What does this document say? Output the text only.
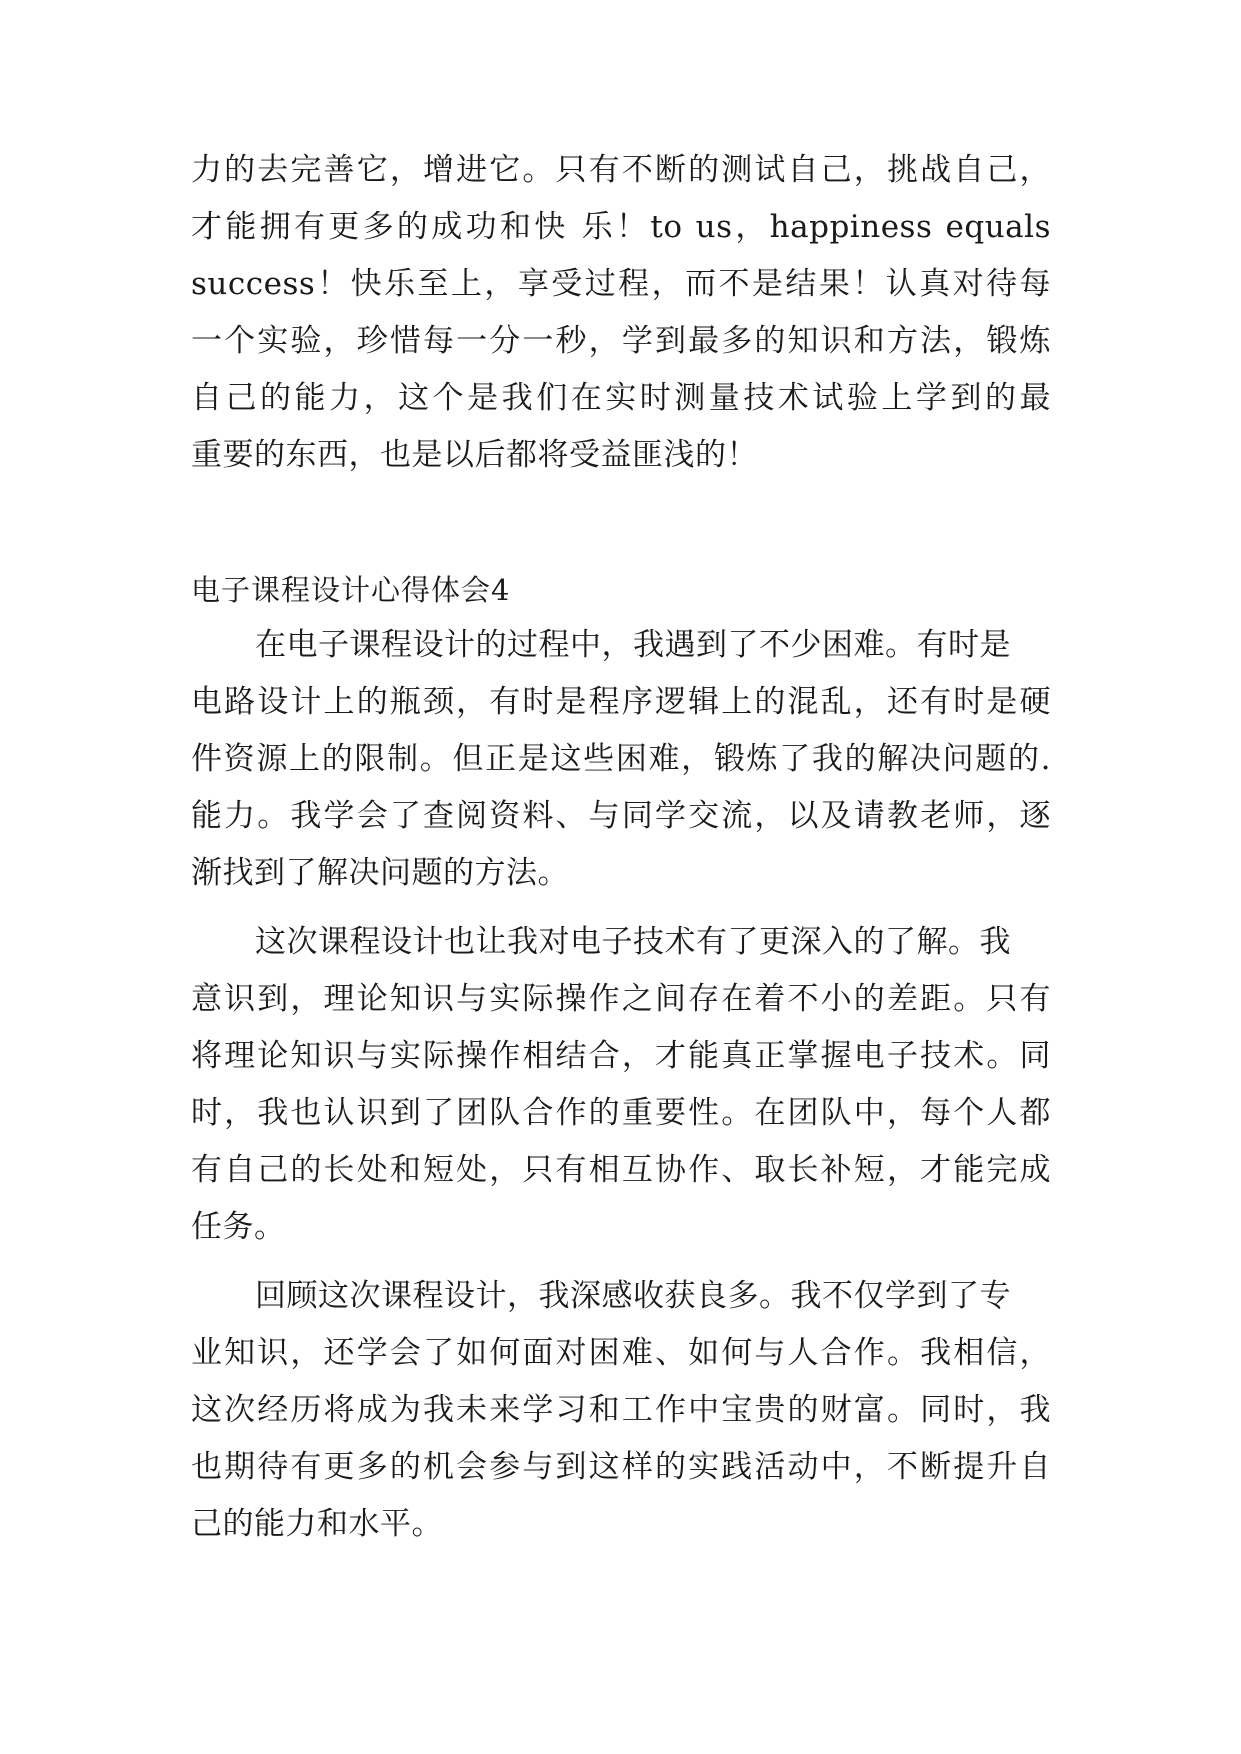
力的去完善它，增进它。只有不断的测试自己，挑战自己，
才能拥有更多的成功和快 乐！to us，happiness equals
success！快乐至上，享受过程，而不是结果！认真对待每
一个实验，珍惜每一分一秒，学到最多的知识和方法，锻炼
自己的能力，这个是我们在实时测量技术试验上学到的最
重要的东西，也是以后都将受益匪浅的！
电子课程设计心得体会4
在电子课程设计的过程中，我遇到了不少困难。有时是
电路设计上的瓶颈，有时是程序逻辑上的混乱，还有时是硬
件资源上的限制。但正是这些困难，锻炼了我的解决问题的.
能力。我学会了查阅资料、与同学交流，以及请教老师，逐
渐找到了解决问题的方法。
这次课程设计也让我对电子技术有了更深入的了解。我
意识到，理论知识与实际操作之间存在着不小的差距。只有
将理论知识与实际操作相结合，才能真正掌握电子技术。同
时，我也认识到了团队合作的重要性。在团队中，每个人都
有自己的长处和短处，只有相互协作、取长补短，才能完成
任务。
回顾这次课程设计，我深感收获良多。我不仅学到了专
业知识，还学会了如何面对困难、如何与人合作。我相信，
这次经历将成为我未来学习和工作中宝贵的财富。同时，我
也期待有更多的机会参与到这样的实践活动中，不断提升自
己的能力和水平。
